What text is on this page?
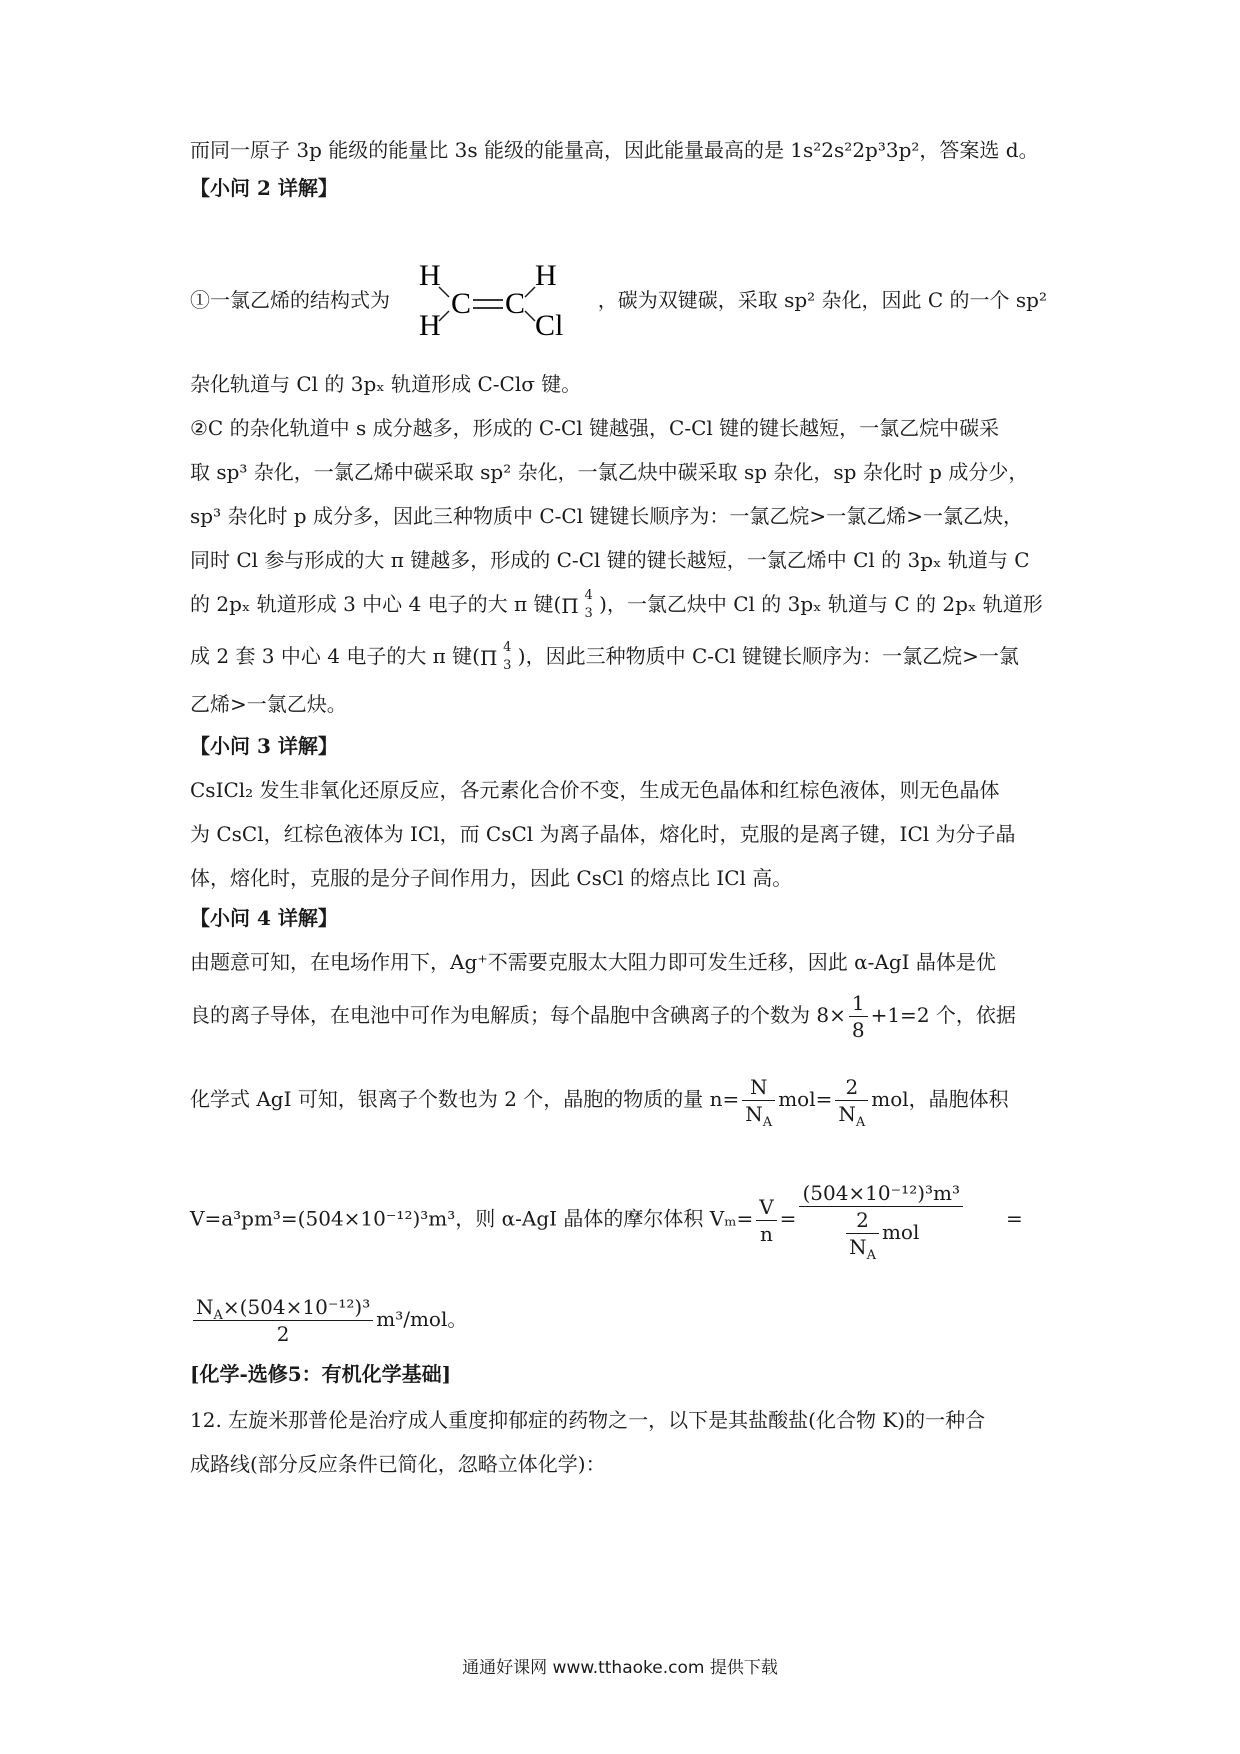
而同一原子 3p 能级的能量比 3s 能级的能量高，因此能量最高的是 1s²2s²2p³3p²，答案选 d。
【小问 2 详解】
①一氯乙烯的结构式为	，碳为双键碳，采取 sp² 杂化，因此 C 的一个 sp²
H
H
C C
H
Cl
杂化轨道与 Cl 的 3pₓ 轨道形成 C-Clσ 键。
②C 的杂化轨道中 s 成分越多，形成的 C-Cl 键越强，C-Cl 键的键长越短，一氯乙烷中碳采
取 sp³ 杂化，一氯乙烯中碳采取 sp² 杂化，一氯乙炔中碳采取 sp 杂化，sp 杂化时 p 成分少，
sp³ 杂化时 p 成分多，因此三种物质中 C-Cl 键键长顺序为：一氯乙烷>一氯乙烯>一氯乙炔，
同时 Cl 参与形成的大 π 键越多，形成的 C-Cl 键的键长越短，一氯乙烯中 Cl 的 3pₓ 轨道与 C
的 2pₓ 轨道形成 3 中心 4 电子的大 π 键(Π 4
3 )，一氯乙炔中 Cl 的 3pₓ 轨道与 C 的 2pₓ 轨道形
成 2 套 3 中心 4 电子的大 π 键(Π 4
3 )，因此三种物质中 C-Cl 键键长顺序为：一氯乙烷>一氯
乙烯>一氯乙炔。
【小问 3 详解】
CsICl₂ 发生非氧化还原反应，各元素化合价不变，生成无色晶体和红棕色液体，则无色晶体
为 CsCl，红棕色液体为 ICl，而 CsCl 为离子晶体，熔化时，克服的是离子键，ICl 为分子晶
体，熔化时，克服的是分子间作用力，因此 CsCl 的熔点比 ICl 高。
【小问 4 详解】
由题意可知，在电场作用下，Ag⁺不需要克服太大阻力即可发生迁移，因此 α-AgI 晶体是优
良的离子导体，在电池中可作为电解质；每个晶胞中含碘离子的个数为 $8\times \frac{1}{8} +1=2$ 个，依据
化学式 AgI 可知，银离子个数也为 2 个，晶胞的物质的量 $n= \frac{N}{N_A} mol= \frac{2}{N_A}$ mol，晶胞体积
V=a³pm³=(504×10⁻¹²)³m³，则 α-AgI 晶体的摩尔体积 $V_m= \frac{V}{n} = \frac{\text{(504×10⁻¹²)³m³}}{\frac{2}{N_A} mol}$ =
$\frac{N_A\times(504\times 10^{-12})^3}{2} m^3/mol$。
[化学-选修5：有机化学基础]
12. 左旋米那普伦是治疗成人重度抑郁症的药物之一，以下是其盐酸盐(化合物 K)的一种合
成路线(部分反应条件已简化，忽略立体化学)：
通通好课网 www.tthaoke.com 提供下载
